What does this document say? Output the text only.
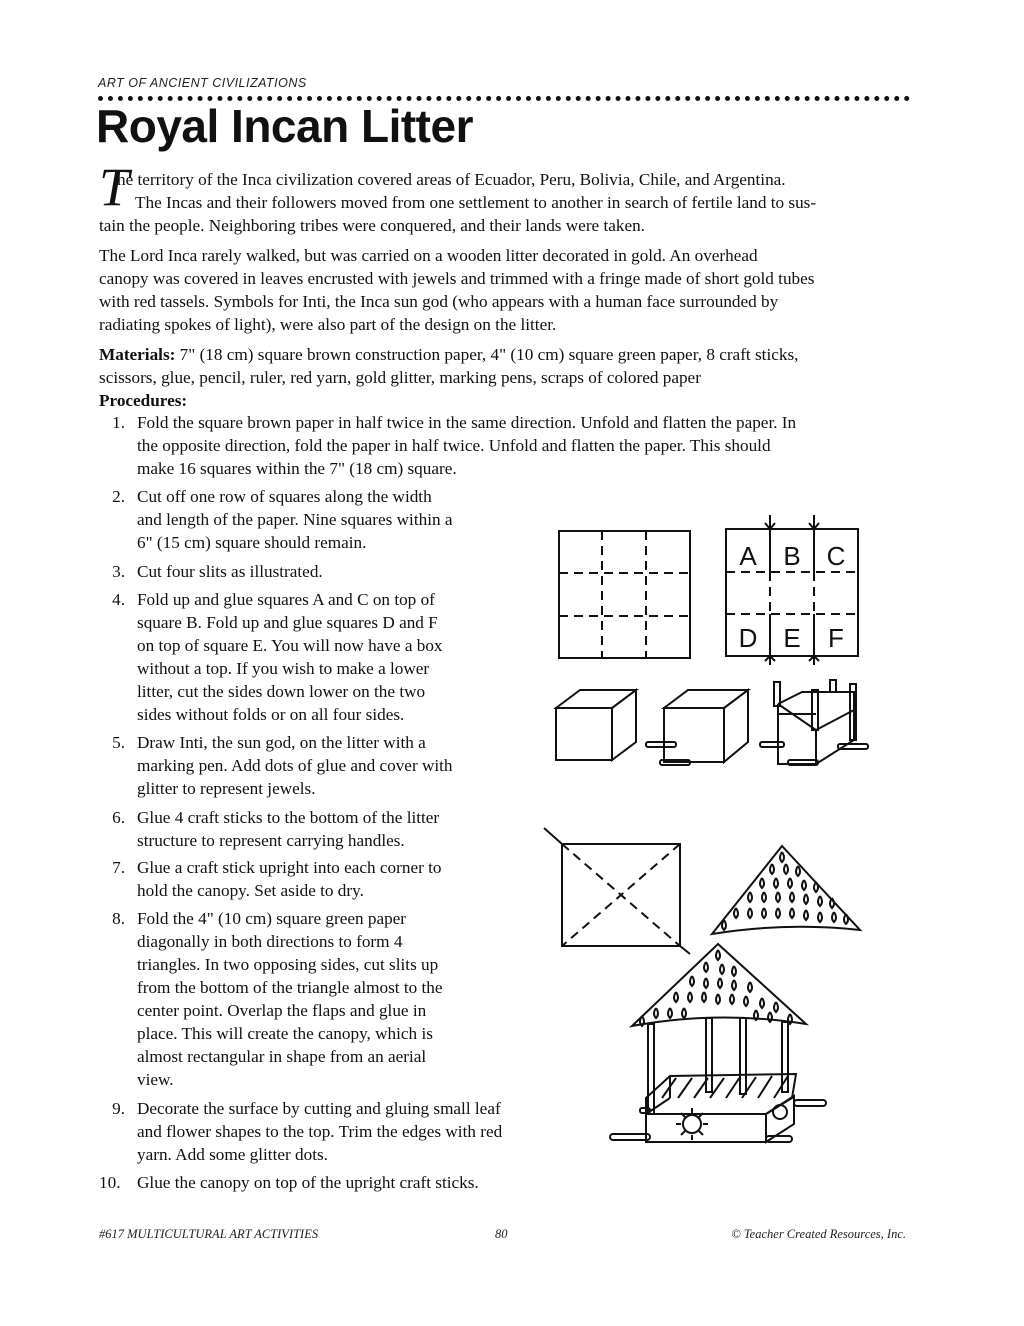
ART OF ANCIENT CIVILIZATIONS
Royal Incan Litter
T
he territory of the Inca civilization covered areas of Ecuador, Peru, Bolivia, Chile, and Argentina.
The Incas and their followers moved from one settlement to another in search of fertile land to sus-
tain the people. Neighboring tribes were conquered, and their lands were taken.
The Lord Inca rarely walked, but was carried on a wooden litter decorated in gold. An overhead
canopy was covered in leaves encrusted with jewels and trimmed with a fringe made of short gold tubes
with red tassels. Symbols for Inti, the Inca sun god (who appears with a human face surrounded by
radiating spokes of light), were also part of the design on the litter.
Materials: 7" (18 cm) square brown construction paper, 4" (10 cm) square green paper, 8 craft sticks,
scissors, glue, pencil, ruler, red yarn, gold glitter, marking pens, scraps of colored paper
Procedures:
1. Fold the square brown paper in half twice in the same direction. Unfold and flatten the paper. In
the opposite direction, fold the paper in half twice. Unfold and flatten the paper. This should
make 16 squares within the 7" (18 cm) square.
2. Cut off one row of squares along the width
and length of the paper. Nine squares within a
6" (15 cm) square should remain.
3. Cut four slits as illustrated.
4. Fold up and glue squares A and C on top of
square B. Fold up and glue squares D and F
on top of square E. You will now have a box
without a top. If you wish to make a lower
litter, cut the sides down lower on the two
sides without folds or on all four sides.
5. Draw Inti, the sun god, on the litter with a
marking pen. Add dots of glue and cover with
glitter to represent jewels.
6. Glue 4 craft sticks to the bottom of the litter
structure to represent carrying handles.
7. Glue a craft stick upright into each corner to
hold the canopy. Set aside to dry.
8. Fold the 4" (10 cm) square green paper
diagonally in both directions to form 4
triangles. In two opposing sides, cut slits up
from the bottom of the triangle almost to the
center point. Overlap the flaps and glue in
place. This will create the canopy, which is
almost rectangular in shape from an aerial
view.
9. Decorate the surface by cutting and gluing small leaf
and flower shapes to the top. Trim the edges with red
yarn. Add some glitter dots.
10. Glue the canopy on top of the upright craft sticks.
A B C
D E F
#617 MULTICULTURAL ART ACTIVITIES	80	© Teacher Created Resources, Inc.
